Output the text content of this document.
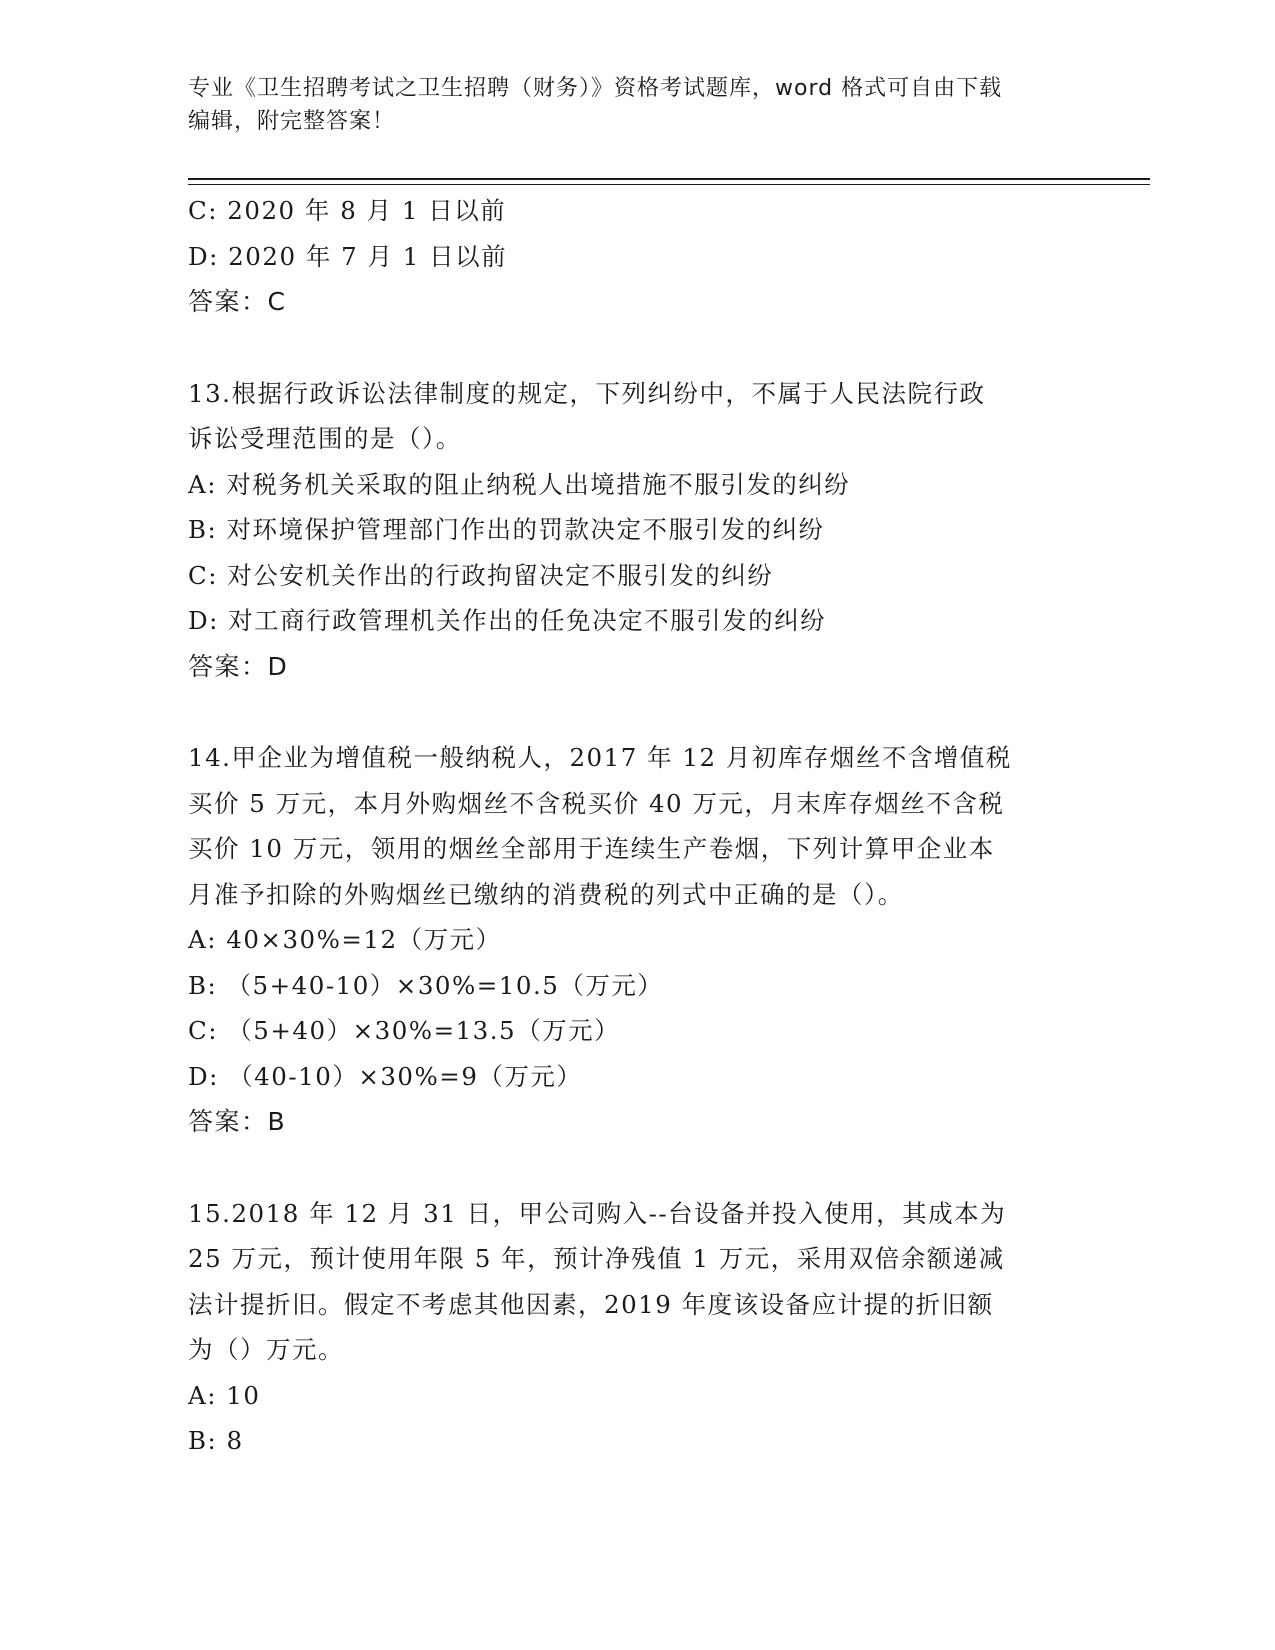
专业《卫生招聘考试之卫生招聘（财务）》资格考试题库，word 格式可自由下载
编辑，附完整答案！
C: 2020 年 8 月 1 日以前
D: 2020 年 7 月 1 日以前
答案：C
13.根据行政诉讼法律制度的规定，下列纠纷中，不属于人民法院行政
诉讼受理范围的是（）。
A: 对税务机关采取的阻止纳税人出境措施不服引发的纠纷
B: 对环境保护管理部门作出的罚款决定不服引发的纠纷
C: 对公安机关作出的行政拘留决定不服引发的纠纷
D: 对工商行政管理机关作出的任免决定不服引发的纠纷
答案：D
14.甲企业为增值税一般纳税人，2017 年 12 月初库存烟丝不含增值税
买价 5 万元，本月外购烟丝不含税买价 40 万元，月末库存烟丝不含税
买价 10 万元，领用的烟丝全部用于连续生产卷烟，下列计算甲企业本
月准予扣除的外购烟丝已缴纳的消费税的列式中正确的是（）。
A: 40×30%=12（万元）
B: （5+40-10）×30%=10.5（万元）
C: （5+40）×30%=13.5（万元）
D: （40-10）×30%=9（万元）
答案：B
15.2018 年 12 月 31 日，甲公司购入--台设备并投入使用，其成本为
25 万元，预计使用年限 5 年，预计净残值 1 万元，采用双倍余额递减
法计提折旧。假定不考虑其他因素，2019 年度该设备应计提的折旧额
为（）万元。
A: 10
B: 8
